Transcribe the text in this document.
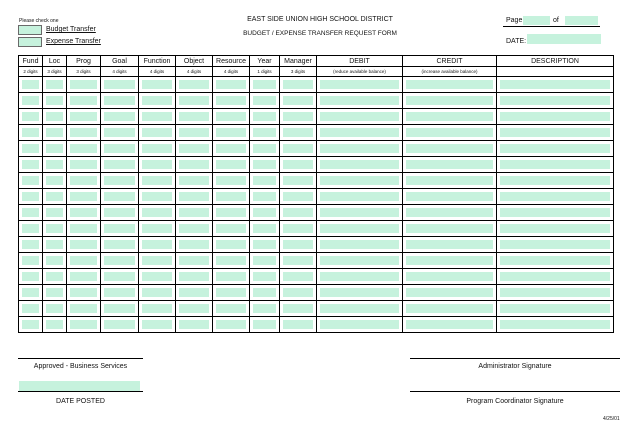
Please check one
Budget Transfer
Expense Transfer
EAST SIDE UNION HIGH SCHOOL DISTRICT
BUDGET / EXPENSE TRANSFER REQUEST FORM
Page	of
DATE:
Fund	Loc	Prog	Goal	Function	Object	Resource	Year	Manager	DEBIT	CREDIT	DESCRIPTION
2 digits	3 digits	3 digits	4 digits	4 digits	4 digits	4 digits	1 digits	3 digits	(reduce available balance)	(increase available balance)	

Approved - Business Services
DATE POSTED
Administrator Signature
Program Coordinator Signature
4/25/01
